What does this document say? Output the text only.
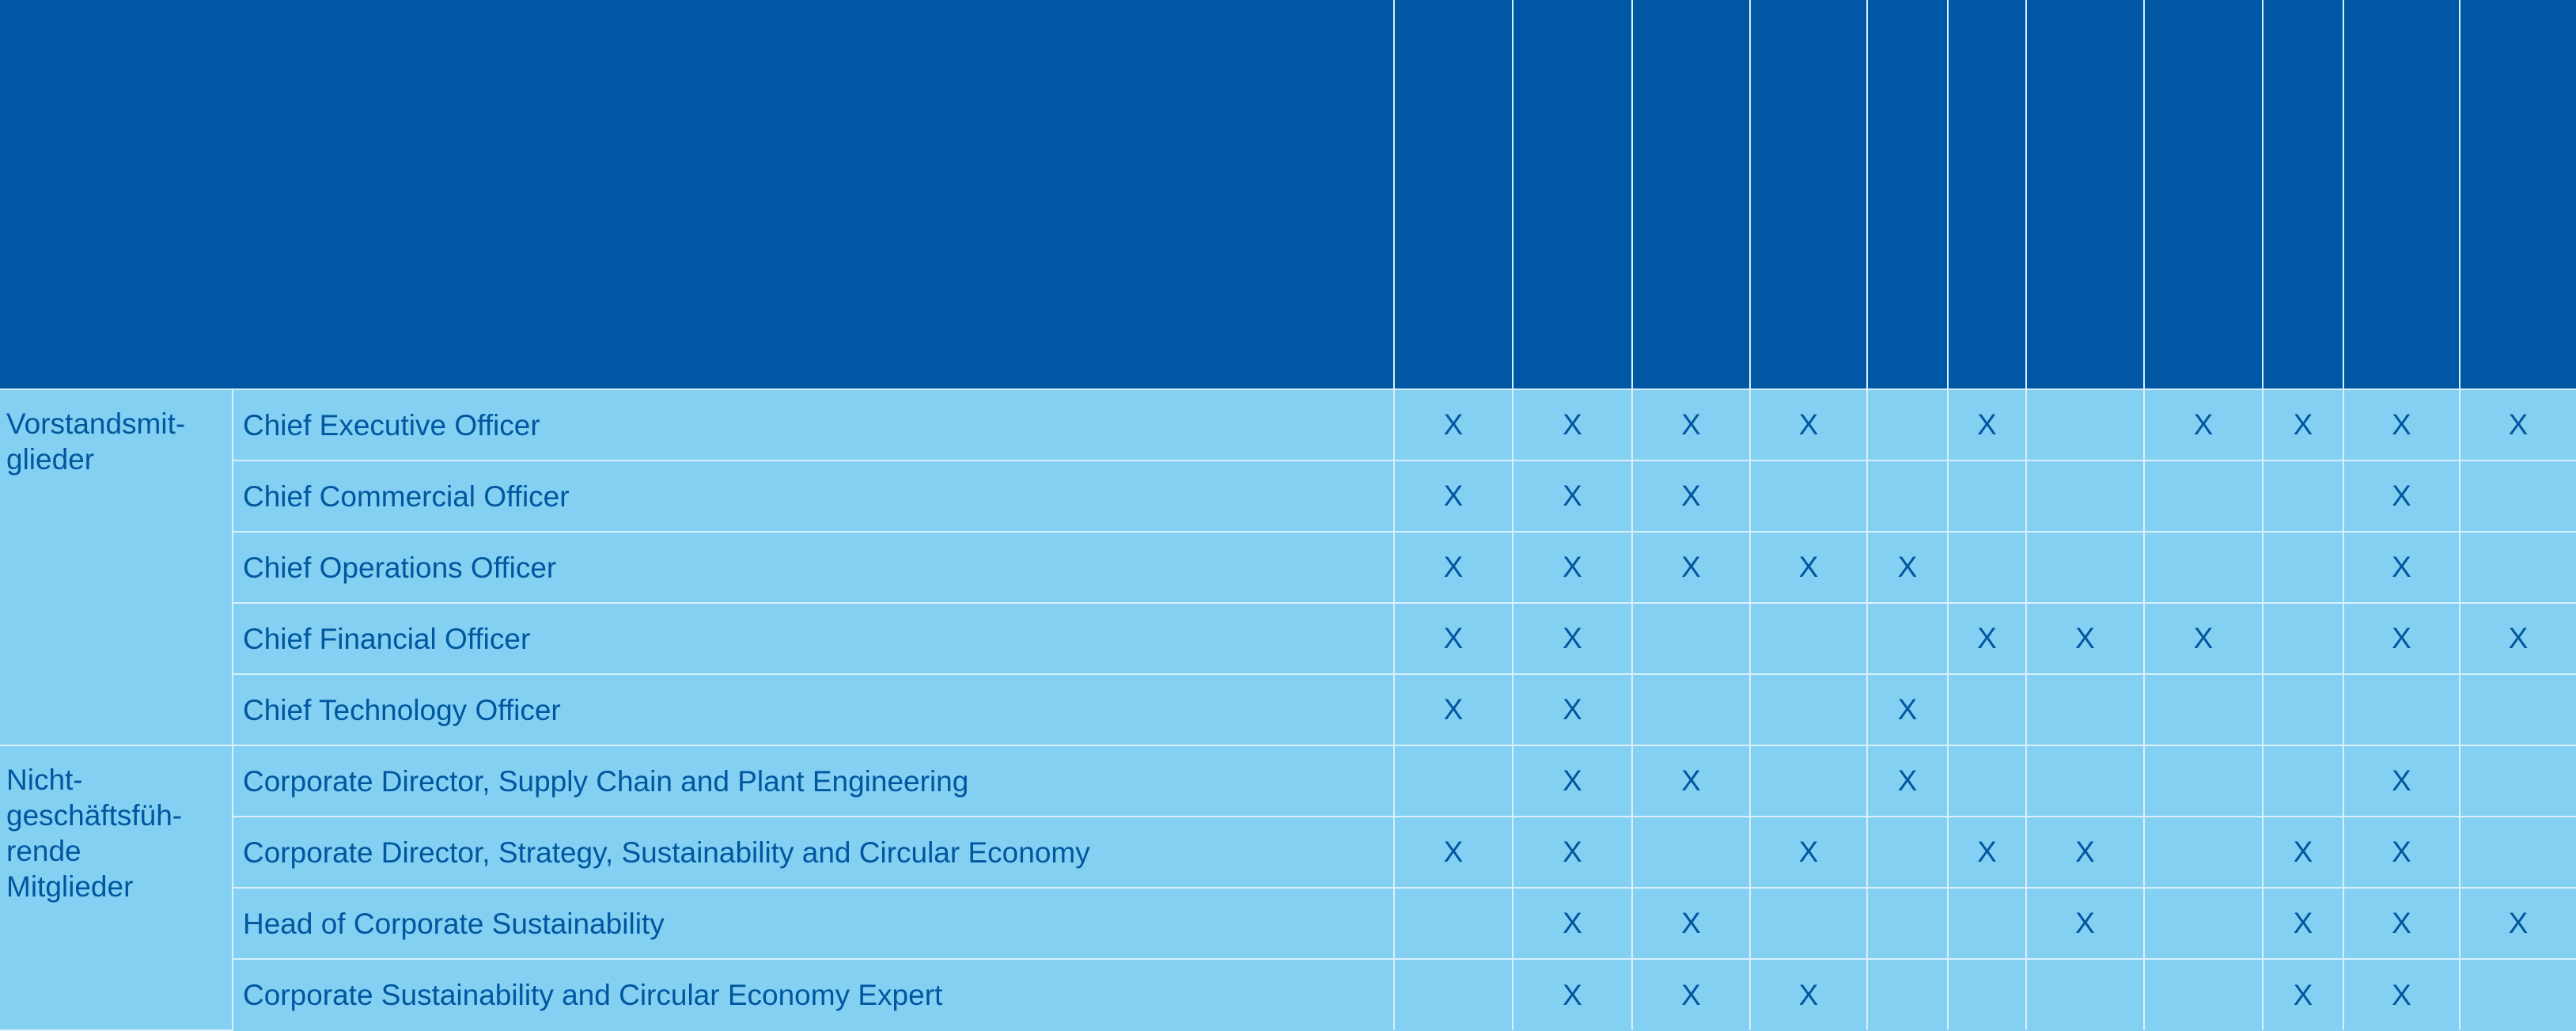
Vorstandsmit-
glieder	Chief Executive Officer	X	X	X	X		X		X	X	X	X
	Chief Commercial Officer	X	X	X							X	
	Chief Operations Officer	X	X	X	X	X					X	
	Chief Financial Officer	X	X				X	X	X		X	X
	Chief Technology Officer	X	X			X						
Nicht-
geschäftsfüh-
rende
Mitglieder	Corporate Director, Supply Chain and Plant Engineering		X	X		X					X	
	Corporate Director, Strategy, Sustainability and Circular Economy	X	X		X		X	X		X	X	
	Head of Corporate Sustainability		X	X				X		X	X	X
	Corporate Sustainability and Circular Economy Expert		X	X	X					X	X	
